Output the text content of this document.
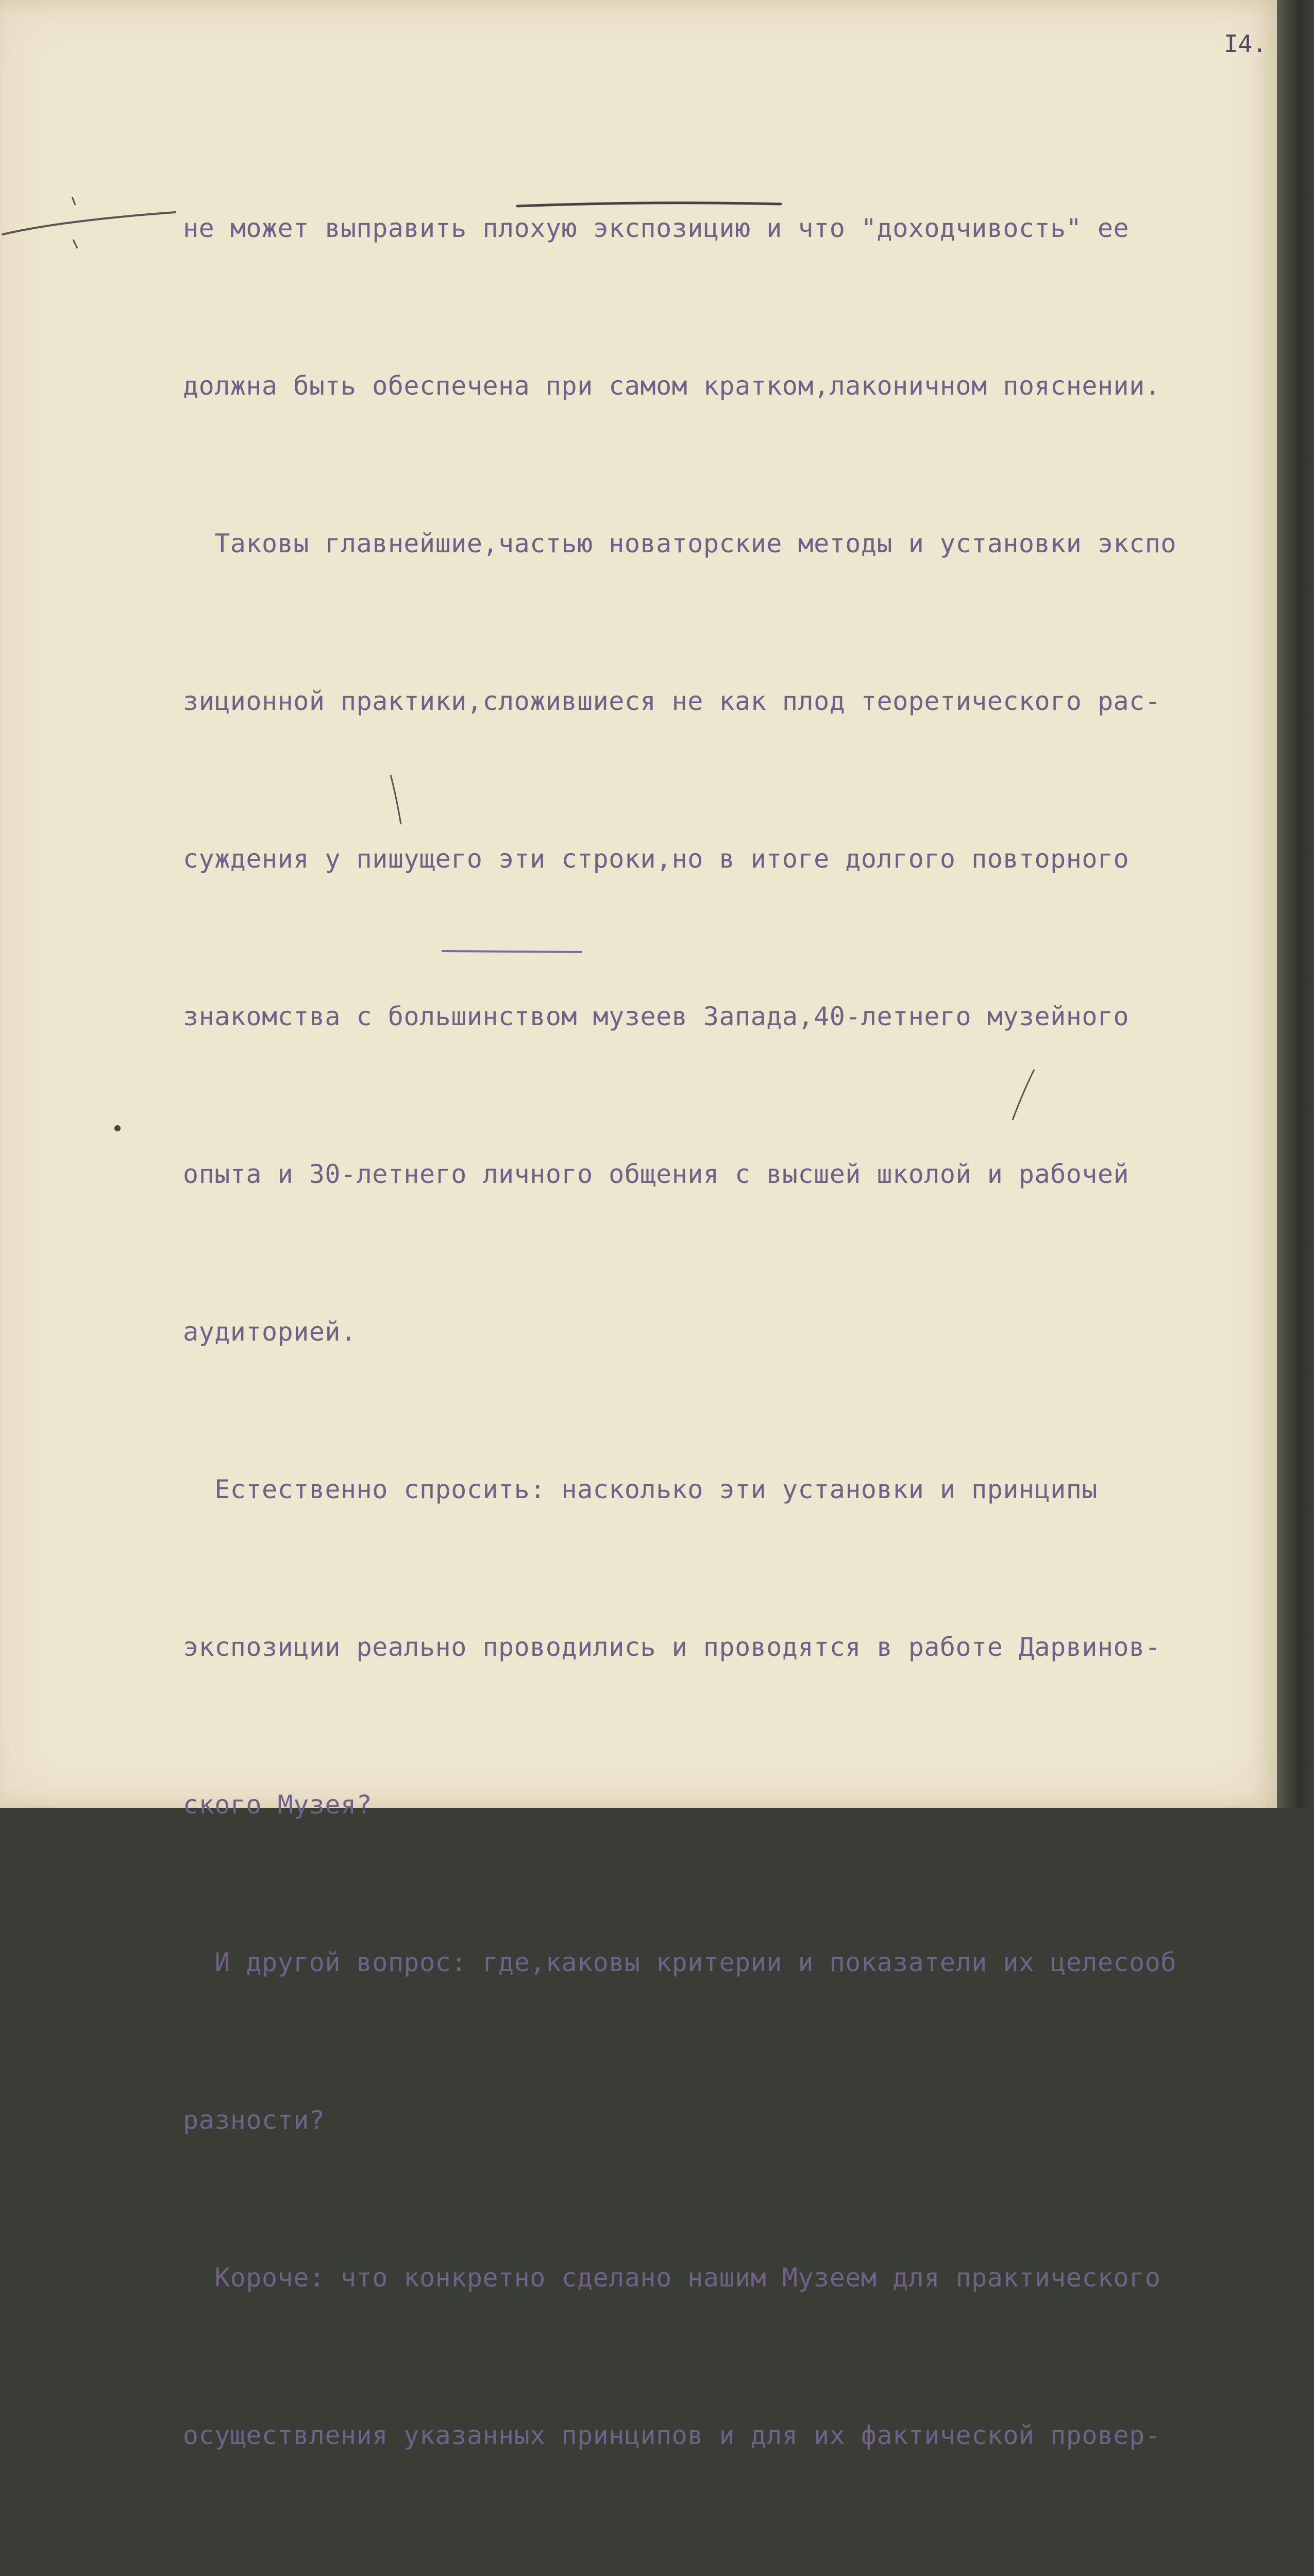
I4.

не может выправить плохую экспозицию и что "доходчивость" ее

должна быть обеспечена при самом кратком,лаконичном пояснении.

Таковы главнейшие,частью новаторские методы и установки экспо

зиционной практики,сложившиеся не как плод теоретического рас-

суждения у пишущего эти строки,но в итоге долгого повторного

знакомства с большинством музеев Запада,40-летнего музейного

опыта и 30-летнего личного общения с высшей школой и рабочей

аудиторией.

Естественно спросить: насколько эти установки и принципы

экспозиции реально проводились и проводятся в работе Дарвинов-

ского Музея?

И другой вопрос: где,каковы критерии и показатели их целесооб

разности?

Короче: что конкретно сделано нашим Музеем для практического

осуществления указанных принципов и для их фактической провер-
